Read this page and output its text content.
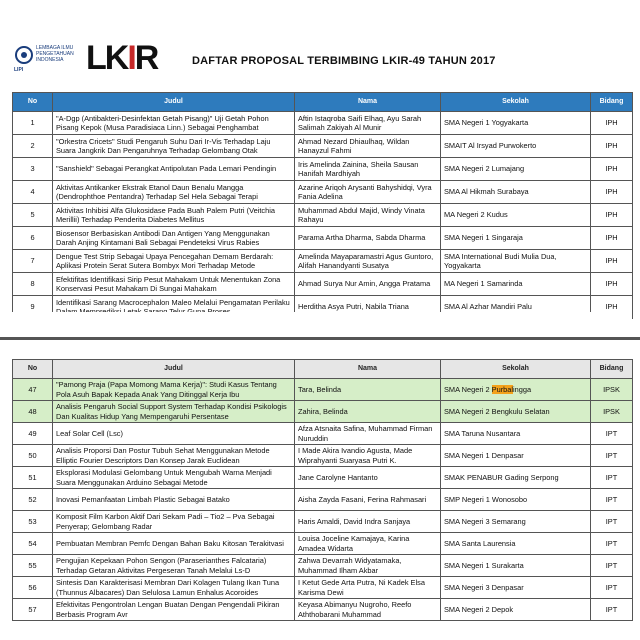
LEMBAGA ILMU PENGETAHUAN INDONESIA
LIPI LKIR	DAFTAR PROPOSAL TERBIMBING LKIR-49 TAHUN 2017
No	Judul	Nama	Sekolah	Bidang
1	"A-Dgp (Antibakteri-Desinfektan Getah Pisang)" Uji Getah Pohon Pisang Kepok (Musa Paradisiaca Linn.) Sebagai Penghambat	Aftin Istaqroba Saifi Elhaq, Ayu Sarah Salimah Zakiyah Al Munir	SMA Negeri 1 Yogyakarta	IPH
2	"Orkestra Cricets" Studi Pengaruh Suhu Dari Ir-Vis Terhadap Laju Suara Jangkrik Dan Pengaruhnya Terhadap Gelombang Otak	Ahmad Nezard Dhiaulhaq, Wildan Hanayzul Fahmi	SMAIT Al Irsyad Purwokerto	IPH
3	"Sanshield" Sebagai Perangkat Antipolutan Pada Lemari Pendingin	Iris Amelinda Zainina, Sheila Sausan Hanifah Mardhiyah	SMA Negeri 2 Lumajang	IPH
4	Aktivitas Antikanker Ekstrak Etanol Daun Benalu Mangga (Dendrophthoe Pentandra) Terhadap Sel Hela Sebagai Terapi	Azarine Ariqoh Arysanti Bahyshidqi, Vyra Fania Adelina	SMA Al Hikmah Surabaya	IPH
5	Aktivitas Inhibisi Alfa Glukosidase Pada Buah Palem Putri (Veitchia Merillii) Terhadap Penderita Diabetes Mellitus	Muhammad Abdul Majid, Windy Vinata Rahayu	MA Negeri 2 Kudus	IPH
6	Biosensor Berbasiskan Antibodi Dan Antigen Yang Menggunakan Darah Anjing Kintamani Bali Sebagai Pendeteksi Virus Rabies	Parama Artha Dharma, Sabda Dharma	SMA Negeri 1 Singaraja	IPH
7	Dengue Test Strip Sebagai Upaya Pencegahan Demam Berdarah: Aplikasi Protein Serat Sutera Bombyx Mori Terhadap Metode	Amelinda Mayaparamastri Agus Guntoro, Alifah Hanandyanti Susatya	SMA International Budi Mulia Dua, Yogyakarta	IPH
8	Efektifitas Identifikasi Sirip Pesut Mahakam Untuk Menentukan Zona Konservasi Pesut Mahakam Di Sungai Mahakam	Ahmad Surya Nur Amin, Angga Pratama	MA Negeri 1 Samarinda	IPH
9	Identifikasi Sarang Macrocephalon Maleo Melalui Pengamatan Perilaku	Herditha Asya Putri, Nabila Triana	SMA Al Azhar Mandiri Palu	IPH
No	Judul	Nama	Sekolah	Bidang
47	"Pamong Praja (Papa Momong Mama Kerja)": Studi Kasus Tentang Pola Asuh Bapak Kepada Anak Yang Ditinggal Kerja Ibu	Tara, Belinda	SMA Negeri 2 Purbalingga	IPSK
48	Analisis Pengaruh Social Support System Terhadap Kondisi Psikologis Dan Kualitas Hidup Yang Mempengaruhi Persentase	Zahira, Belinda	SMA Negeri 2 Bengkulu Selatan	IPSK
49	Leaf Solar Cell (Lsc)	Afza Atsnaita Safina, Muhammad Firman Nuruddin	SMA Taruna Nusantara	IPT
50	Analisis Proporsi Dan Postur Tubuh Sehat Menggunakan Metode Elliptic Fourier Descriptors Dan Konsep Jarak Euclidean	I Made Akira Ivandio Agusta, Made Wiprahyanti Suaryasa Putri K.	SMA Negeri 1 Denpasar	IPT
51	Eksplorasi Modulasi Gelombang Untuk Mengubah Warna Menjadi Suara Menggunakan Arduino Sebagai Metode	Jane Carolyne Hantanto	SMAK PENABUR Gading Serpong	IPT
52	Inovasi Pemanfaatan Limbah Plastic Sebagai Batako	Aisha Zayda Fasani, Ferina Rahmasari	SMP Negeri 1 Wonosobo	IPT
53	Komposit Film Karbon Aktif Dari Sekam Padi – Tio2 – Pva Sebagai Penyerap; Gelombang Radar	Haris Amaldi, David Indra Sanjaya	SMA Negeri 3 Semarang	IPT
54	Pembuatan Membran Pemfc Dengan Bahan Baku Kitosan Terakitvasi	Louisa Joceline Kamajaya, Karina Amadea Widarta	SMA Santa Laurensia	IPT
55	Pengujian Kepekaan Pohon Sengon (Paraserianthes Falcataria) Terhadap Getaran Aktivitas Pergeseran Tanah Melalui Ls-D	Zahwa Devarrah Widyatamaka, Muhammad Ilham Akbar	SMA Negeri 1 Surakarta	IPT
56	Sintesis Dan Karakterisasi Membran Dari Kolagen Tulang Ikan Tuna (Thunnus Albacares) Dan Selulosa Lamun Enhalus Acoroides	I Ketut Gede Arta Putra, Ni Kadek Elsa Karisma Dewi	SMA Negeri 3 Denpasar	IPT
57	Efektivitas Pengontrolan Lengan Buatan Dengan Pengendali Pikiran Berbasis Program Avr	Keyasa Abimanyu Nugroho, Reefo Aththobarani Muhammad	SMA Negeri 2 Depok	IPT
